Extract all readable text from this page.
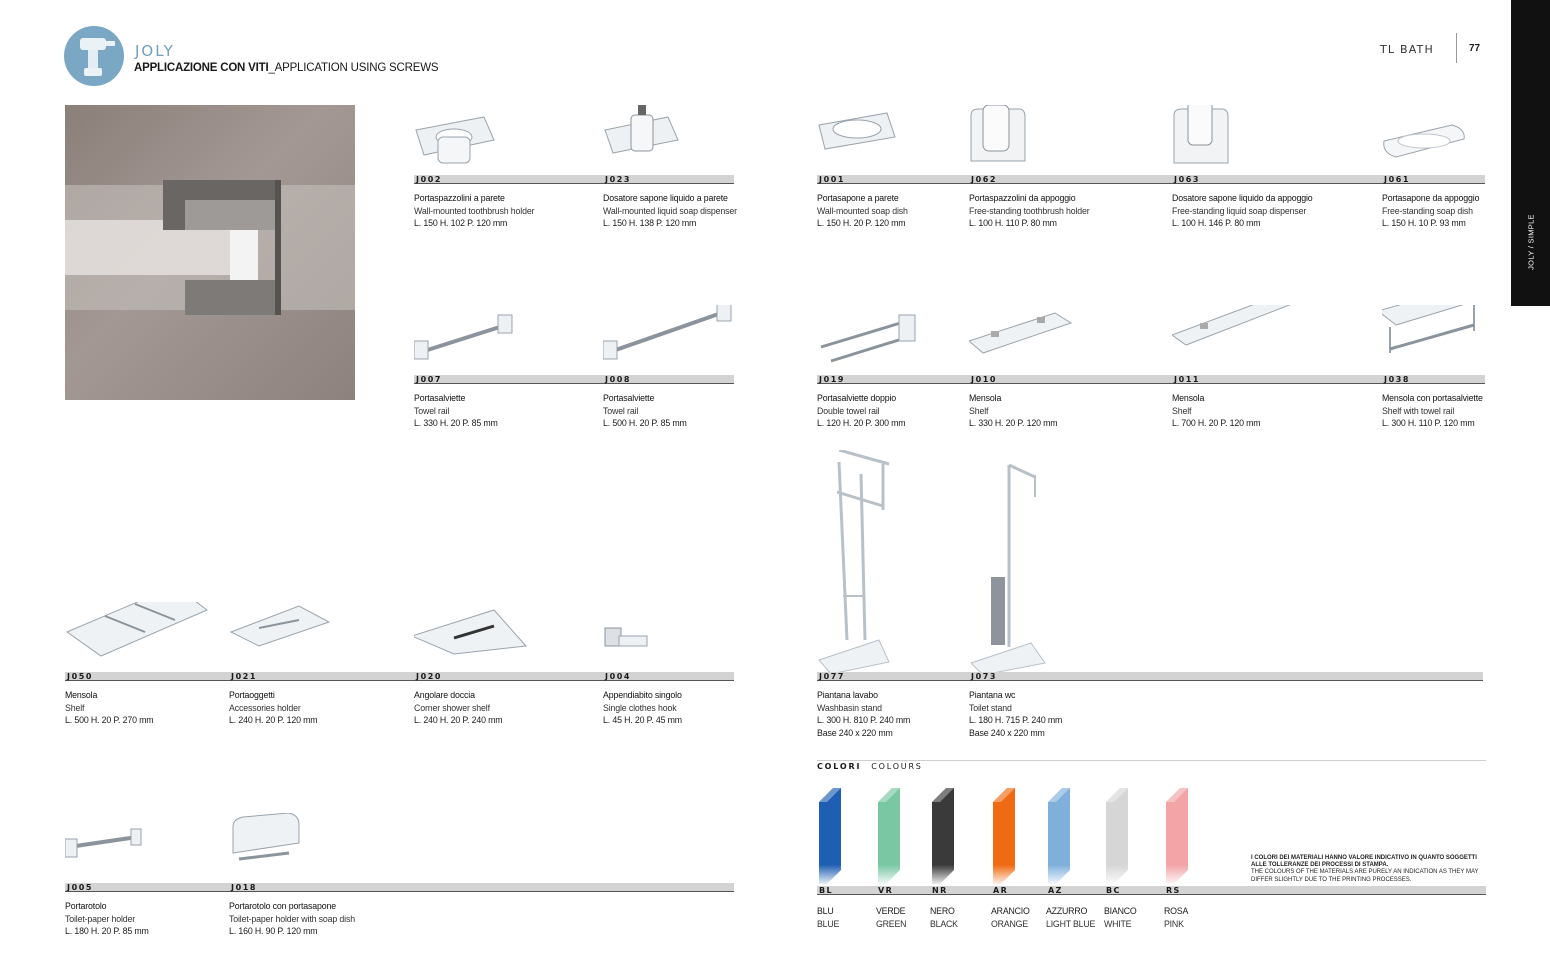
JOLY
APPLICAZIONE CON VITI_APPLICATION USING SCREWS
TL BATH	77
JOLY / SIMPLE
J002
Portaspazzolini a parete
Wall-mounted toothbrush holder
L. 150 H. 102 P. 120 mm
J023
Dosatore sapone liquido a parete
Wall-mounted liquid soap dispenser
L. 150 H. 138 P. 120 mm
J001
Portasapone a parete
Wall-mounted soap dish
L. 150 H. 20 P. 120 mm
J062
Portaspazzolini da appoggio
Free-standing toothbrush holder
L. 100 H. 110 P. 80 mm
J063
Dosatore sapone liquido da appoggio
Free-standing liquid soap dispenser
L. 100 H. 146 P. 80 mm
J061
Portasapone da appoggio
Free-standing soap dish
L. 150 H. 10 P. 93 mm
J007
Portasalviette
Towel rail
L. 330 H. 20 P. 85 mm
J008
Portasalviette
Towel rail
L. 500 H. 20 P. 85 mm
J019
Portasalviette doppio
Double towel rail
L. 120 H. 20 P. 300 mm
J010
Mensola
Shelf
L. 330 H. 20 P. 120 mm
J011
Mensola
Shelf
L. 700 H. 20 P. 120 mm
J038
Mensola con portasalviette
Shelf with towel rail
L. 300 H. 110 P. 120 mm
J050
Mensola
Shelf
L. 500 H. 20 P. 270 mm
J021
Portaoggetti
Accessories holder
L. 240 H. 20 P. 120 mm
J020
Angolare doccia
Corner shower shelf
L. 240 H. 20 P. 240 mm
J004
Appendiabito singolo
Single clothes hook
L. 45 H. 20 P. 45 mm
J077
Piantana lavabo
Washbasin stand
L. 300 H. 810 P. 240 mm
Base 240 x 220 mm
J073
Piantana wc
Toilet stand
L. 180 H. 715 P. 240 mm
Base 240 x 220 mm
J005
Portarotolo
Toilet-paper holder
L. 180 H. 20 P. 85 mm
J018
Portarotolo con portasapone
Toilet-paper holder with soap dish
L. 160 H. 90 P. 120 mm
COLORI COLOURS
BL
BLU
BLUE
VR
VERDE
GREEN
NR
NERO
BLACK
AR
ARANCIO
ORANGE
AZ
AZZURRO
LIGHT BLUE
BC
BIANCO
WHITE
RS
ROSA
PINK
I COLORI DEI MATERIALI HANNO VALORE INDICATIVO IN QUANTO SOGGETTI ALLE TOLLERANZE DEI PROCESSI DI STAMPA.
THE COLOURS OF THE MATERIALS ARE PURELY AN INDICATION AS THEY MAY DIFFER SLIGHTLY DUE TO THE PRINTING PROCESSES.
